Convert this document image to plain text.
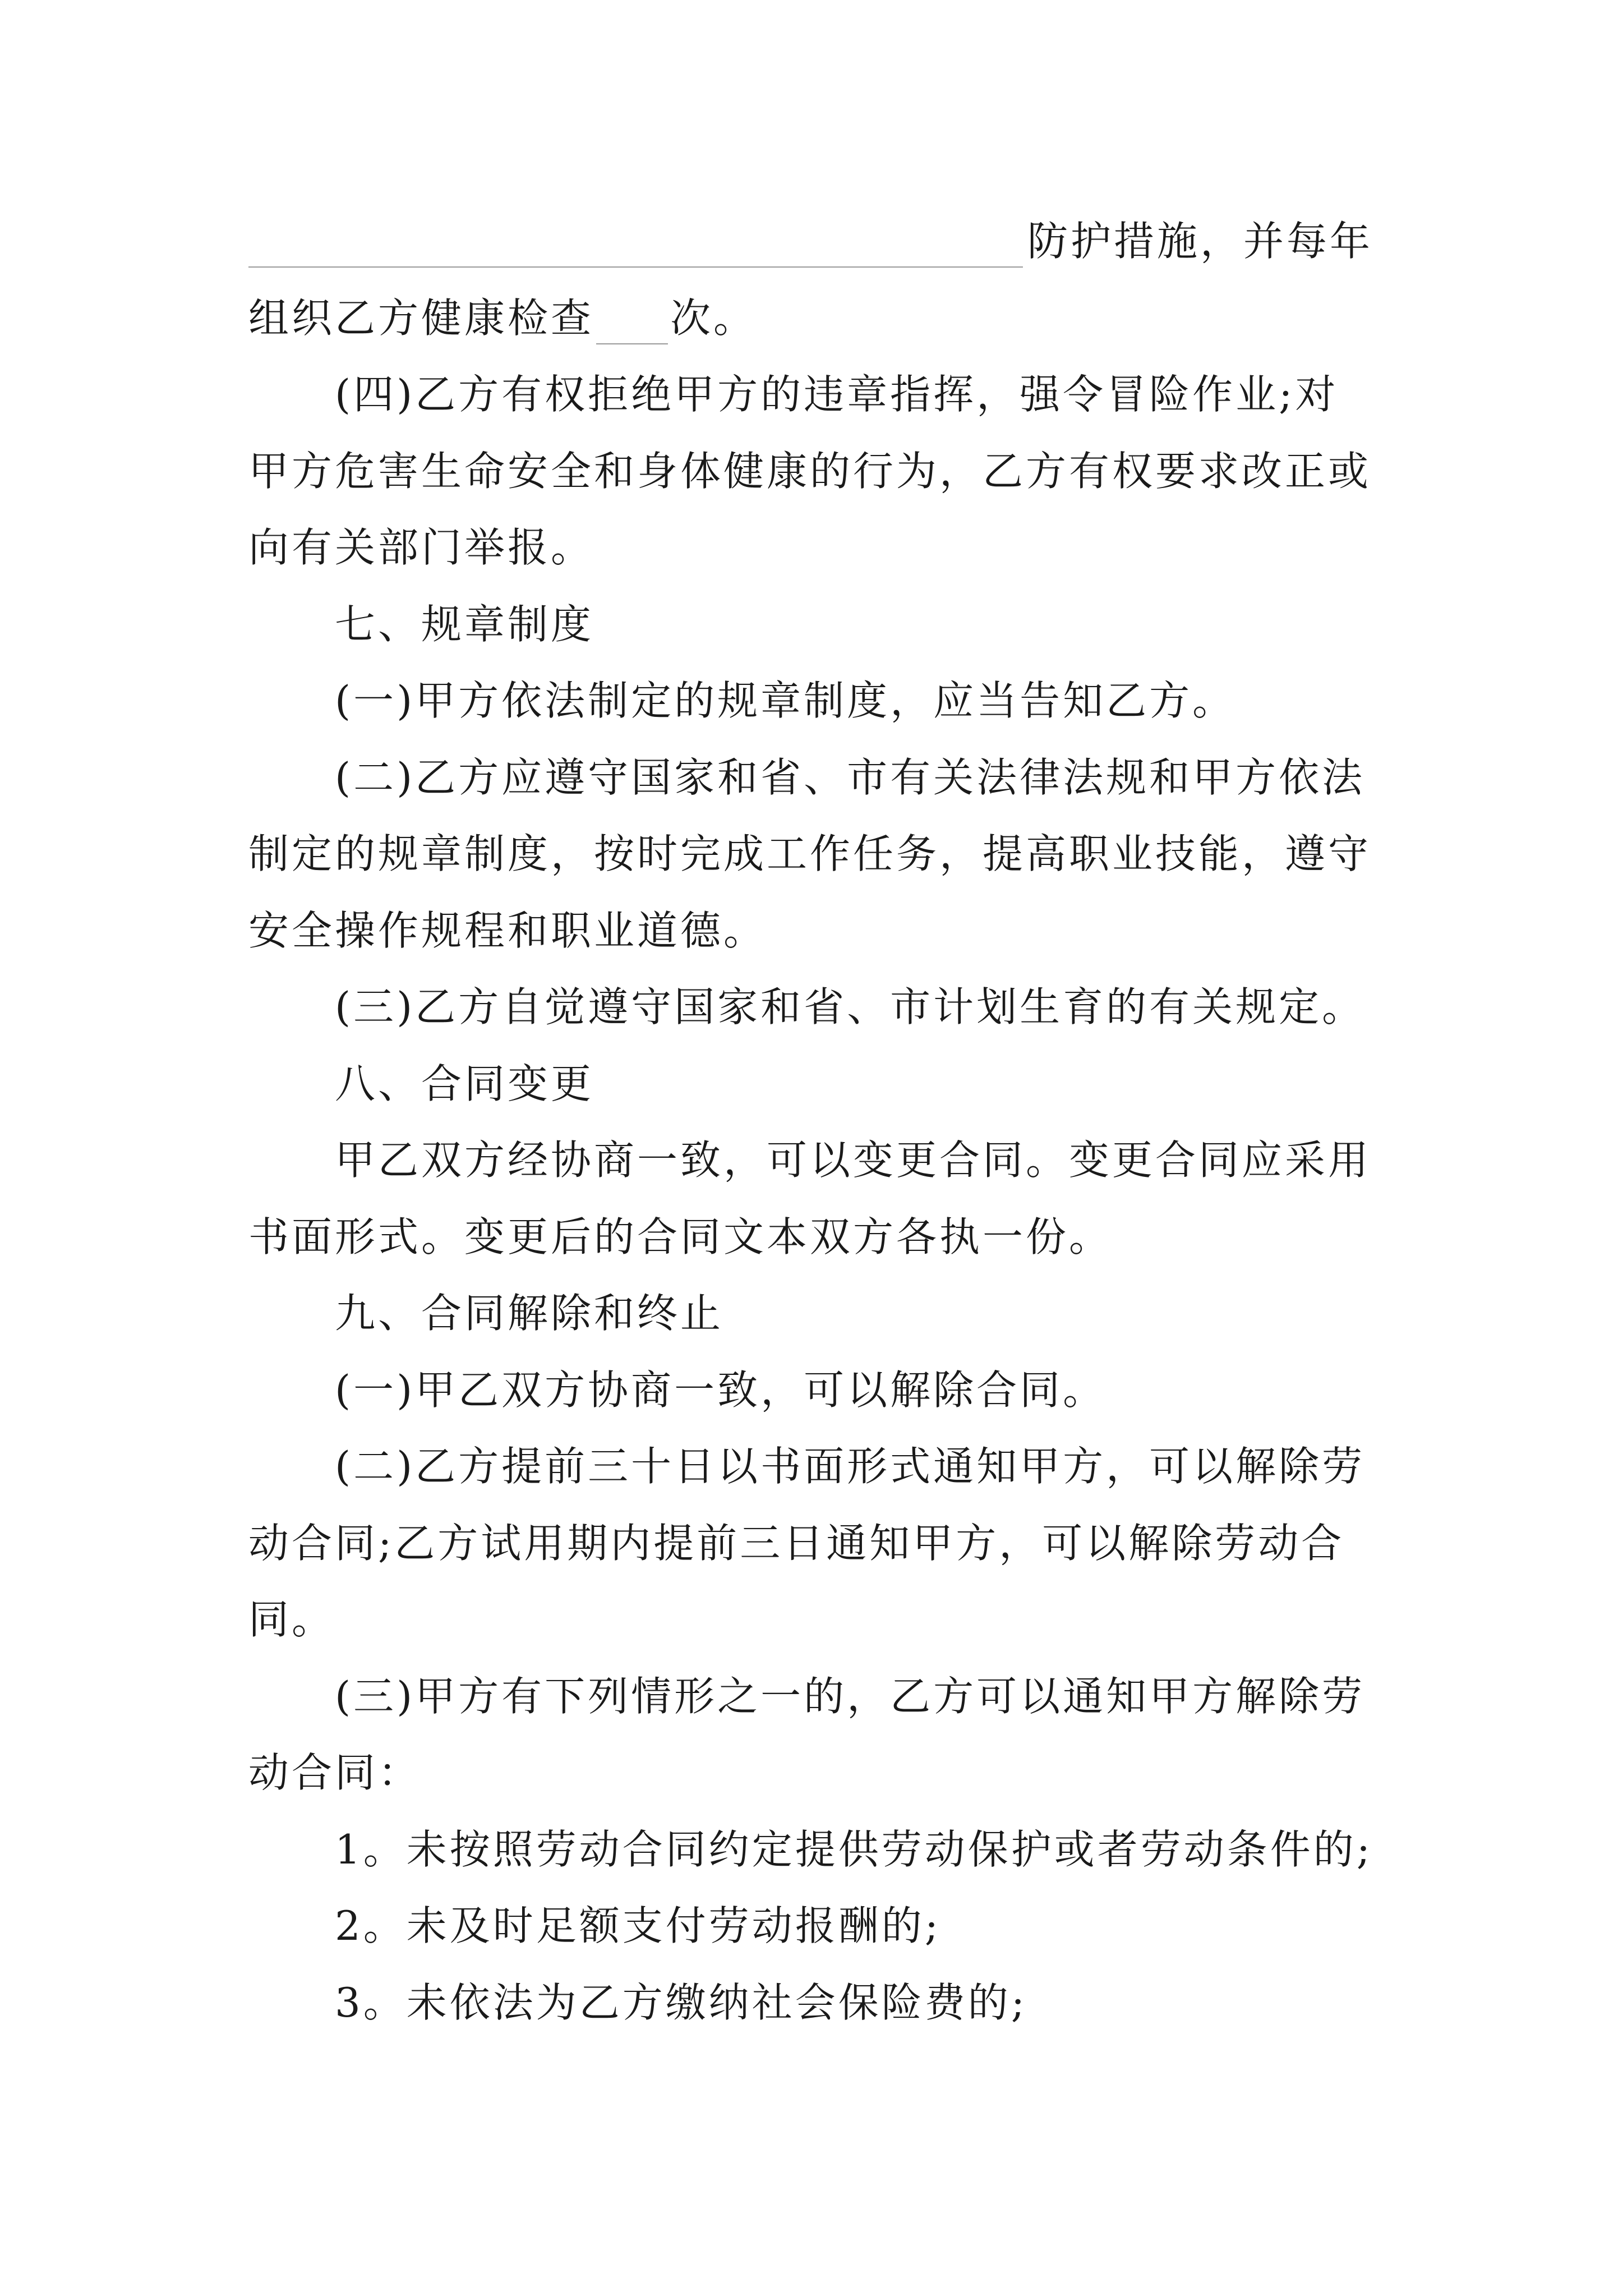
防护措施，并每年
组织乙方健康检查 次。
(四)乙方有权拒绝甲方的违章指挥，强令冒险作业;对
甲方危害生命安全和身体健康的行为，乙方有权要求改正或
向有关部门举报。
七、规章制度
(一)甲方依法制定的规章制度，应当告知乙方。
(二)乙方应遵守国家和省、市有关法律法规和甲方依法
制定的规章制度，按时完成工作任务，提高职业技能，遵守
安全操作规程和职业道德。
(三)乙方自觉遵守国家和省、市计划生育的有关规定。
八、合同变更
甲乙双方经协商一致，可以变更合同。变更合同应采用
书面形式。变更后的合同文本双方各执一份。
九、合同解除和终止
(一)甲乙双方协商一致，可以解除合同。
(二)乙方提前三十日以书面形式通知甲方，可以解除劳
动合同;乙方试用期内提前三日通知甲方，可以解除劳动合
同。
(三)甲方有下列情形之一的，乙方可以通知甲方解除劳
动合同：
1。未按照劳动合同约定提供劳动保护或者劳动条件的;
2。未及时足额支付劳动报酬的;
3。未依法为乙方缴纳社会保险费的;
